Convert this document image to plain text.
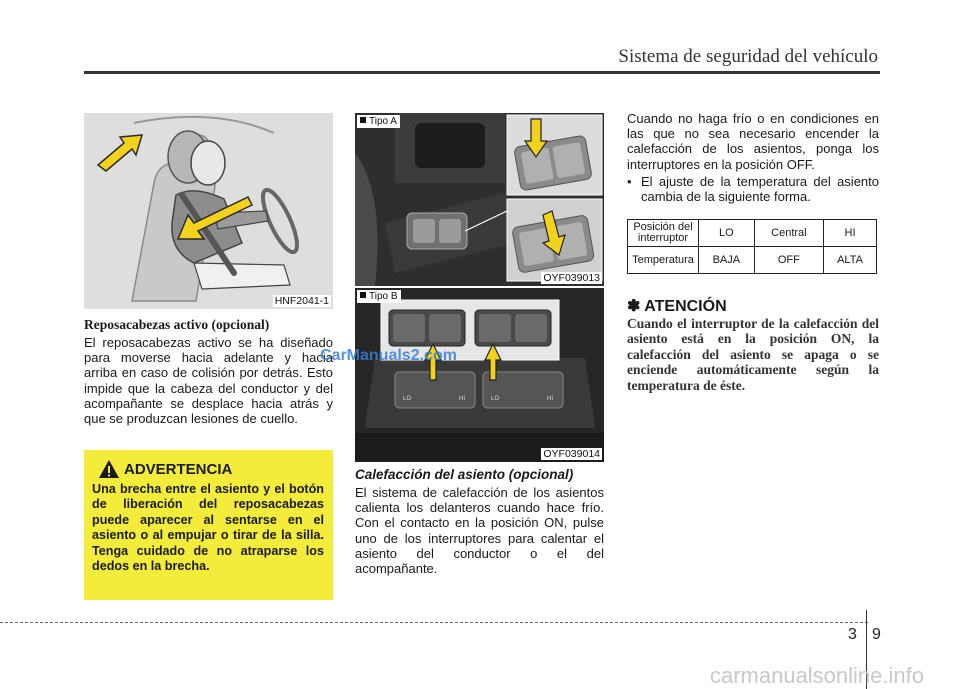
Sistema de seguridad del vehículo
HNF2041-1
Reposacabezas activo (opcional)

El reposacabezas activo se ha diseñado para moverse hacia adelante y hacia arriba en caso de colisión por detrás. Esto impide que la cabeza del conductor y del acompañante se desplace hacia atrás y que se produzcan lesiones de cuello.

ADVERTENCIA

Una brecha entre el asiento y el botón de liberación del reposacabezas puede aparecer al sentarse en el asiento o al empujar o tirar de la silla. Tenga cuidado de no atraparse los dedos en la brecha.

Tipo A
OYF039013
LO	HI	LO	HI
Tipo B
OYF039014
CarManuals2.com
Calefacción del asiento (opcional)

El sistema de calefacción de los asientos calienta los delanteros cuando hace frío. Con el contacto en la posición ON, pulse uno de los interruptores para calentar el asiento del conductor o el del acompañante.

Cuando no haga frío o en condiciones en las que no sea necesario encender la calefacción de los asientos, ponga los interruptores en la posición OFF.

• El ajuste de la temperatura del asiento cambia de la siguiente forma.

Posición del interruptor	LO	Central	HI
Temperatura	BAJA	OFF	ALTA
✽ ATENCIÓN

Cuando el interruptor de la calefacción del asiento está en la posición ON, la calefacción del asiento se apaga o se enciende automáticamente según la temperatura de éste.

3 9
carmanualsonline.info
